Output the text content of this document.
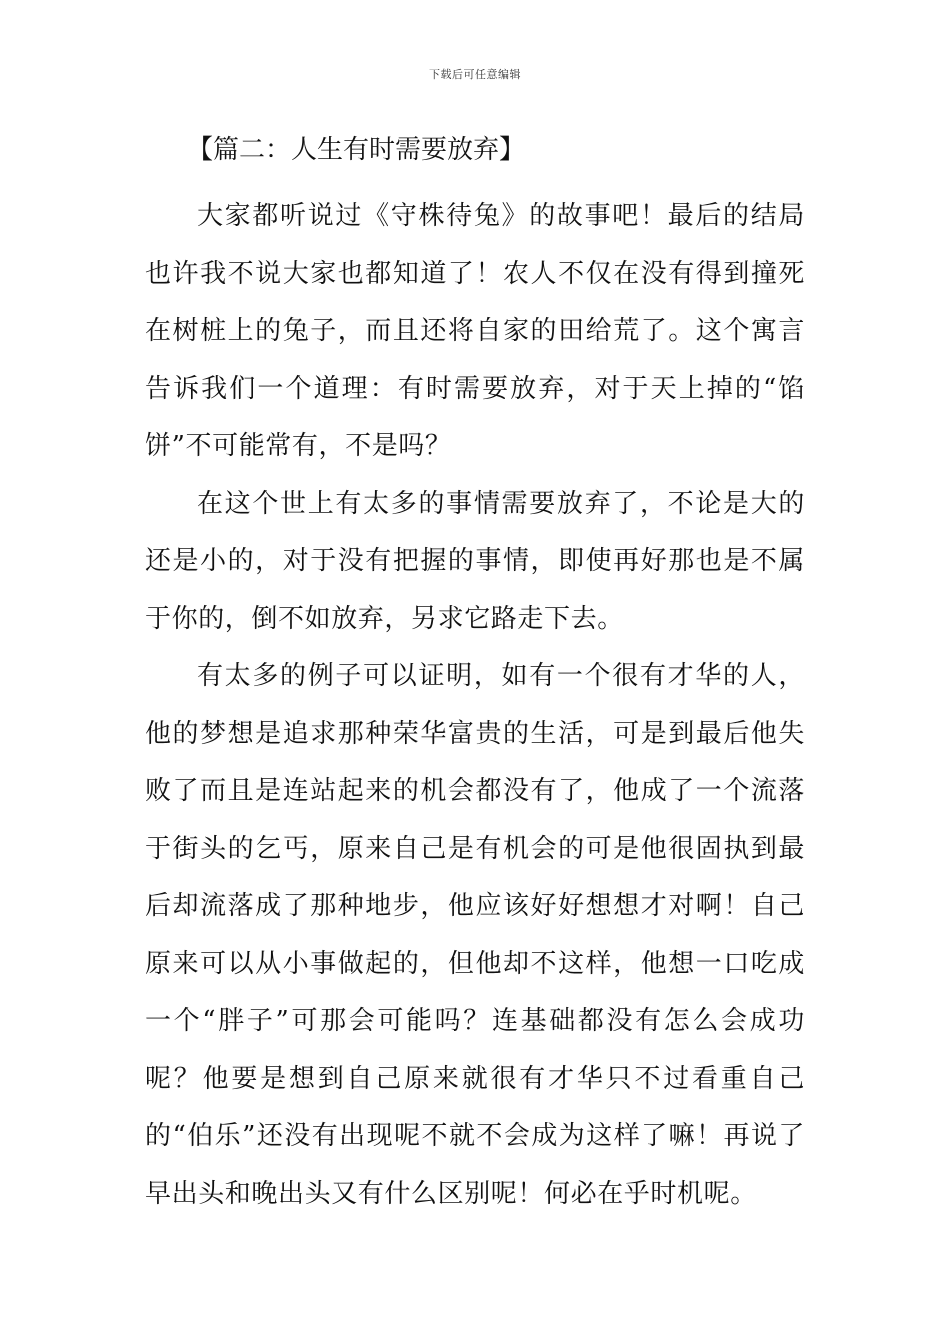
下载后可任意编辑
【篇二：人生有时需要放弃】

大家都听说过《守株待兔》的故事吧！最后的结局也许我不说大家也都知道了！农人不仅在没有得到撞死在树桩上的兔子，而且还将自家的田给荒了。这个寓言告诉我们一个道理：有时需要放弃，对于天上掉的“馅饼”不可能常有，不是吗？

在这个世上有太多的事情需要放弃了，不论是大的还是小的，对于没有把握的事情，即使再好那也是不属于你的，倒不如放弃，另求它路走下去。

有太多的例子可以证明，如有一个很有才华的人，他的梦想是追求那种荣华富贵的生活，可是到最后他失败了而且是连站起来的机会都没有了，他成了一个流落于街头的乞丐，原来自己是有机会的可是他很固执到最后却流落成了那种地步，他应该好好想想才对啊！自己原来可以从小事做起的，但他却不这样，他想一口吃成一个“胖子”可那会可能吗？连基础都没有怎么会成功呢？他要是想到自己原来就很有才华只不过看重自己的“伯乐”还没有出现呢不就不会成为这样了嘛！再说了早出头和晚出头又有什么区别呢！何必在乎时机呢。
